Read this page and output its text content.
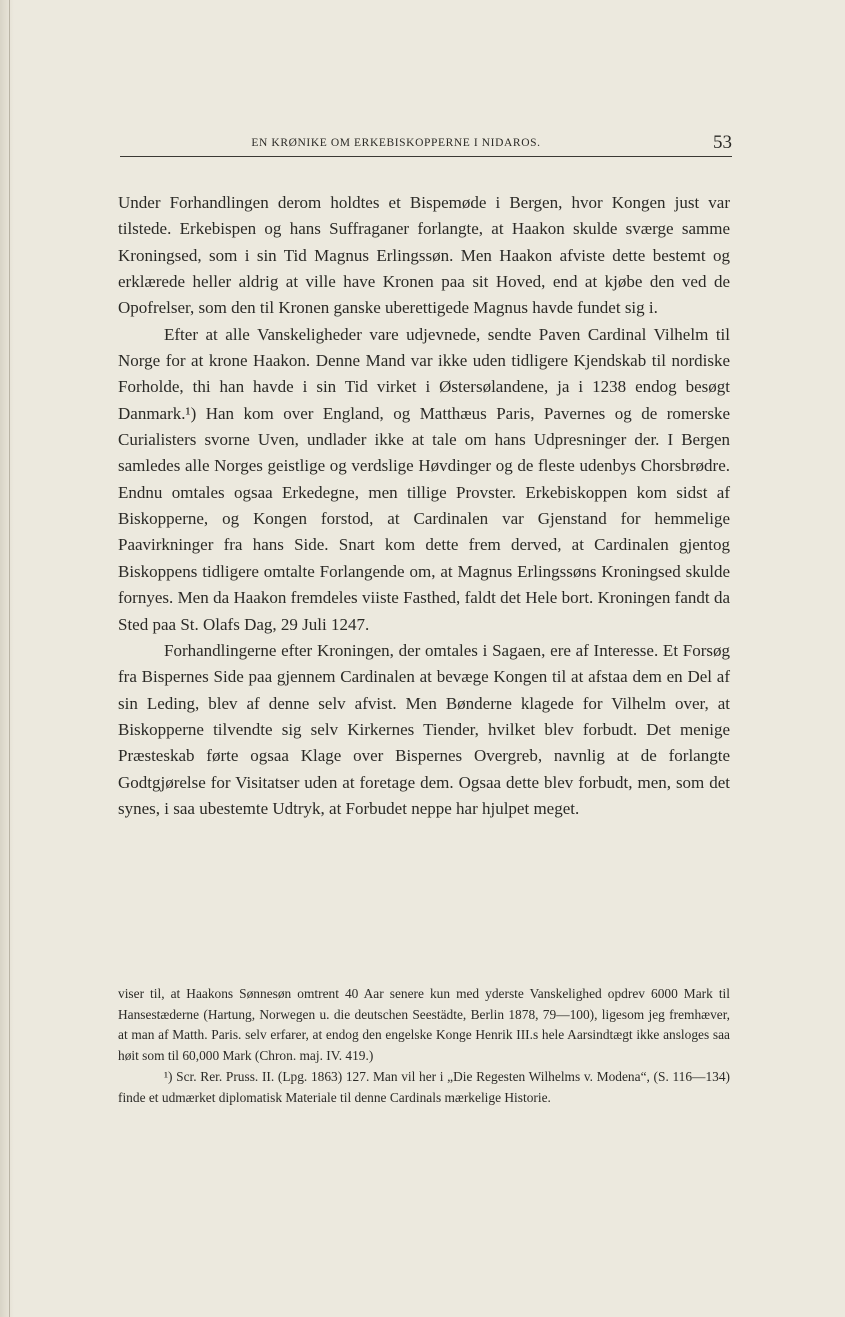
EN KRØNIKE OM ERKEBISKOPPERNE I NIDAROS.	53

Under Forhandlingen derom holdtes et Bispemøde i Bergen, hvor Kongen just var tilstede. Erkebispen og hans Suffraganer forlangte, at Haakon skulde sværge samme Kroningsed, som i sin Tid Magnus Erlingssøn. Men Haakon afviste dette bestemt og erklærede heller aldrig at ville have Kronen paa sit Hoved, end at kjøbe den ved de Opofrelser, som den til Kronen ganske uberettigede Magnus havde fundet sig i.

Efter at alle Vanskeligheder vare udjevnede, sendte Paven Cardinal Vilhelm til Norge for at krone Haakon. Denne Mand var ikke uden tidligere Kjendskab til nordiske Forholde, thi han havde i sin Tid virket i Østersølandene, ja i 1238 endog besøgt Danmark.¹) Han kom over England, og Matthæus Paris, Pavernes og de romerske Curialisters svorne Uven, undlader ikke at tale om hans Udpresninger der. I Bergen samledes alle Norges geistlige og verdslige Høvdinger og de fleste udenbys Chorsbrødre. Endnu omtales ogsaa Erkedegne, men tillige Provster. Erkebiskoppen kom sidst af Biskopperne, og Kongen forstod, at Cardinalen var Gjenstand for hemmelige Paavirkninger fra hans Side. Snart kom dette frem derved, at Cardinalen gjentog Biskoppens tidligere omtalte Forlangende om, at Magnus Erlingssøns Kroningsed skulde fornyes. Men da Haakon fremdeles viiste Fasthed, faldt det Hele bort. Kroningen fandt da Sted paa St. Olafs Dag, 29 Juli 1247.

Forhandlingerne efter Kroningen, der omtales i Sagaen, ere af Interesse. Et Forsøg fra Bispernes Side paa gjennem Cardinalen at bevæge Kongen til at afstaa dem en Del af sin Leding, blev af denne selv afvist. Men Bønderne klagede for Vilhelm over, at Biskopperne tilvendte sig selv Kirkernes Tiender, hvilket blev forbudt. Det menige Præsteskab førte ogsaa Klage over Bispernes Overgreb, navnlig at de forlangte Godtgjørelse for Visitatser uden at foretage dem. Ogsaa dette blev forbudt, men, som det synes, i saa ubestemte Udtryk, at Forbudet neppe har hjulpet meget.

viser til, at Haakons Sønnesøn omtrent 40 Aar senere kun med yderste Vanskelighed opdrev 6000 Mark til Hansestæderne (Hartung, Norwegen u. die deutschen Seestädte, Berlin 1878, 79—100), ligesom jeg fremhæver, at man af Matth. Paris. selv erfarer, at endog den engelske Konge Henrik III.s hele Aarsindtægt ikke ansloges saa høit som til 60,000 Mark (Chron. maj. IV. 419.)

¹) Scr. Rer. Pruss. II. (Lpg. 1863) 127. Man vil her i „Die Regesten Wilhelms v. Modena“, (S. 116—134) finde et udmærket diplomatisk Materiale til denne Cardinals mærkelige Historie.
